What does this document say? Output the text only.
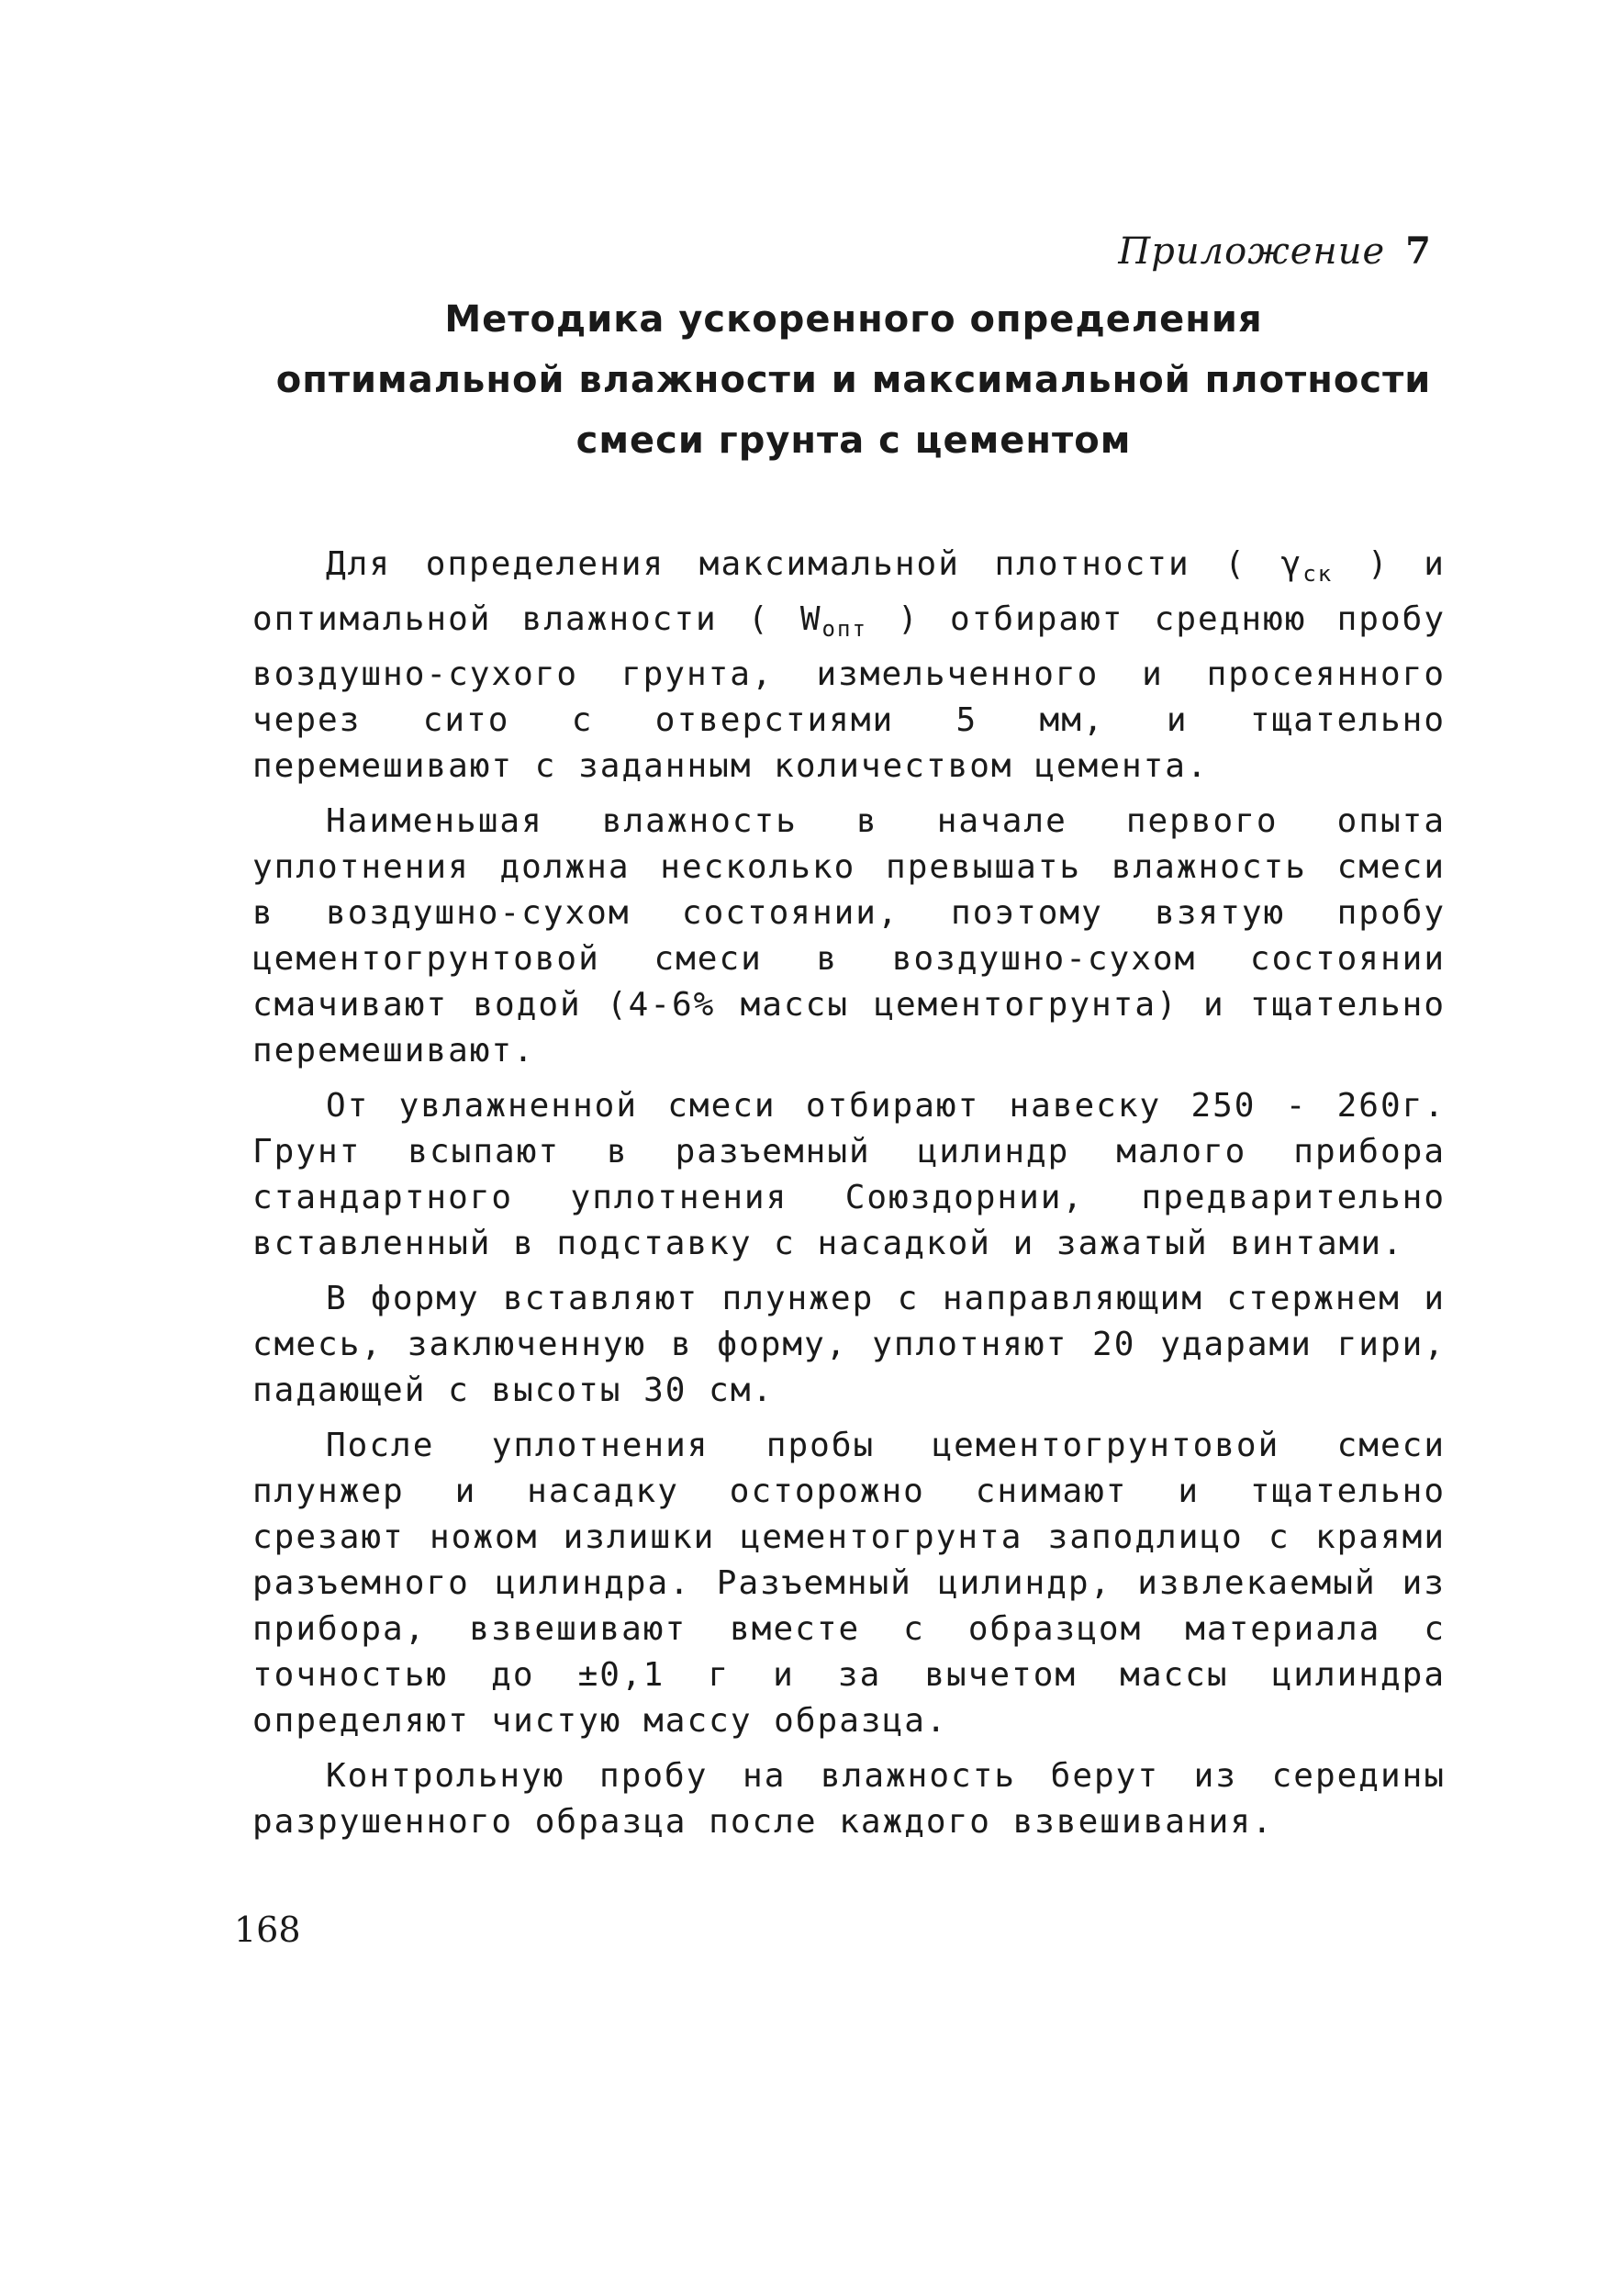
Приложение 7
Методика ускоренного определения
оптимальной влажности и максимальной плотности
смеси грунта с цементом

Для определения максимальной плотности ( $\gamma_{ск}$ ) и оптимальной влажности ( $W_{опт}$ ) отбирают среднюю пробу воздушно-сухого грунта, измельченного и просеянного через сито с отверстиями 5 мм, и тщательно перемешивают с заданным количеством цемента.

Наименьшая влажность в начале первого опыта уплотнения должна несколько превышать влажность смеси в воздушно-сухом состоянии, поэтому взятую пробу цементогрунтовой смеси в воздушно-сухом состоянии смачивают водой (4-6% массы цементогрунта) и тщательно перемешивают.

От увлажненной смеси отбирают навеску 250 - 260г. Грунт всыпают в разъемный цилиндр малого прибора стандартного уплотнения Союздорнии, предварительно вставленный в подставку с насадкой и зажатый винтами.

В форму вставляют плунжер с направляющим стержнем и смесь, заключенную в форму, уплотняют 20 ударами гири, падающей с высоты 30 см.

После уплотнения пробы цементогрунтовой смеси плунжер и насадку осторожно снимают и тщательно срезают ножом излишки цементогрунта заподлицо с краями разъемного цилиндра. Разъемный цилиндр, извлекаемый из прибора, взвешивают вместе с образцом материала с точностью до ±0,1 г и за вычетом массы цилиндра определяют чистую массу образца.

Контрольную пробу на влажность берут из середины разрушенного образца после каждого взвешивания.

168
